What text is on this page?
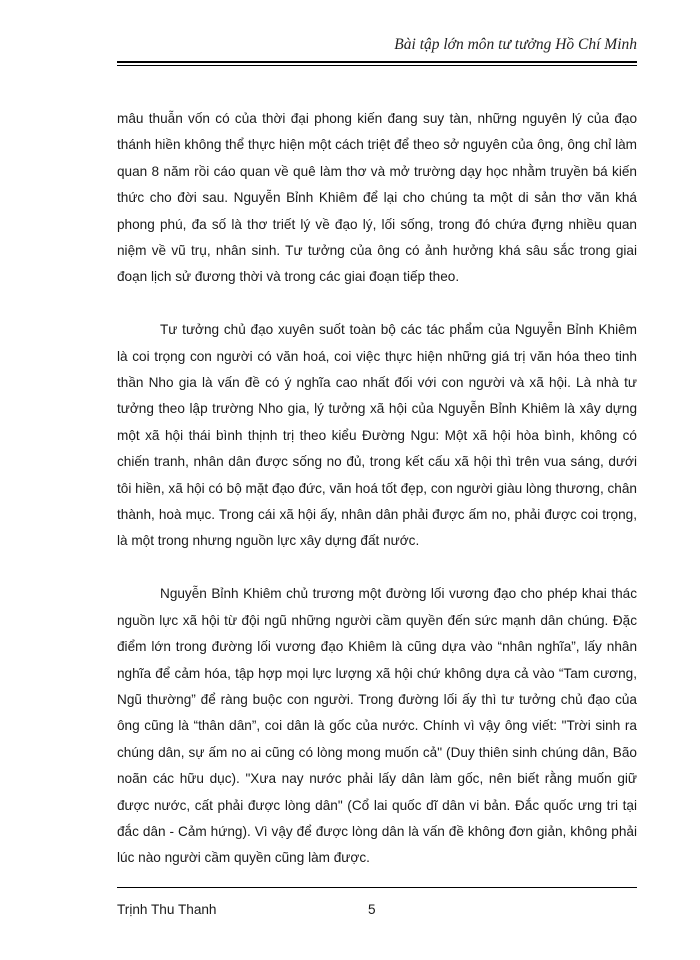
Bài tập lớn môn tư tưởng Hồ Chí Minh

mâu thuẫn vốn có của thời đại phong kiến đang suy tàn, những nguyên lý của đạo thánh hiền không thể thực hiện một cách triệt để theo sở nguyên của ông, ông chỉ làm quan 8 năm rồi cáo quan về quê làm thơ và mở trường dạy học nhằm truyền bá kiến thức cho đời sau. Nguyễn Bỉnh Khiêm để lại cho chúng ta một di sản thơ văn khá phong phú, đa số là thơ triết lý về đạo lý, lối sống, trong đó chứa đựng nhiều quan niệm về vũ trụ, nhân sinh. Tư tưởng của ông có ảnh hưởng khá sâu sắc trong giai đoạn lịch sử đương thời và trong các giai đoạn tiếp theo.

Tư tưởng chủ đạo xuyên suốt toàn bộ các tác phẩm của Nguyễn Bỉnh Khiêm là coi trọng con người có văn hoá, coi việc thực hiện những giá trị văn hóa theo tinh thần Nho gia là vấn đề có ý nghĩa cao nhất đối với con người và xã hội. Là nhà tư tưởng theo lập trường Nho gia, lý tưởng xã hội của Nguyễn Bỉnh Khiêm là xây dựng một xã hội thái bình thịnh trị theo kiểu Đường Ngu: Một xã hội hòa bình, không có chiến tranh, nhân dân được sống no đủ, trong kết cấu xã hội thì trên vua sáng, dưới tôi hiền, xã hội có bộ mặt đạo đức, văn hoá tốt đẹp, con người giàu lòng thương, chân thành, hoà mục. Trong cái xã hội ấy, nhân dân phải được ấm no, phải được coi trọng, là một trong nhưng nguồn lực xây dựng đất nước.

Nguyễn Bỉnh Khiêm chủ trương một đường lối vương đạo cho phép khai thác nguồn lực xã hội từ đội ngũ những người cầm quyền đến sức mạnh dân chúng. Đặc điểm lớn trong đường lối vương đạo Khiêm là cũng dựa vào “nhân nghĩa”, lấy nhân nghĩa để cảm hóa, tập hợp mọi lực lượng xã hội chứ không dựa cả vào “Tam cương, Ngũ thường” để ràng buộc con người. Trong đường lối ấy thì tư tưởng chủ đạo của ông cũng là “thân dân”, coi dân là gốc của nước. Chính vì vậy ông viết: "Trời sinh ra chúng dân, sự ấm no ai cũng có lòng mong muốn cả" (Duy thiên sinh chúng dân, Bão noãn các hữu dục). "Xưa nay nước phải lấy dân làm gốc, nên biết rằng muốn giữ được nước, cất phải được lòng dân" (Cổ lai quốc dĩ dân vi bản. Đắc quốc ưng tri tại đắc dân - Cảm hứng). Vì vậy để được lòng dân là vấn đề không đơn giản, không phải lúc nào người cầm quyền cũng làm được.

Trịnh Thu Thanh	5
